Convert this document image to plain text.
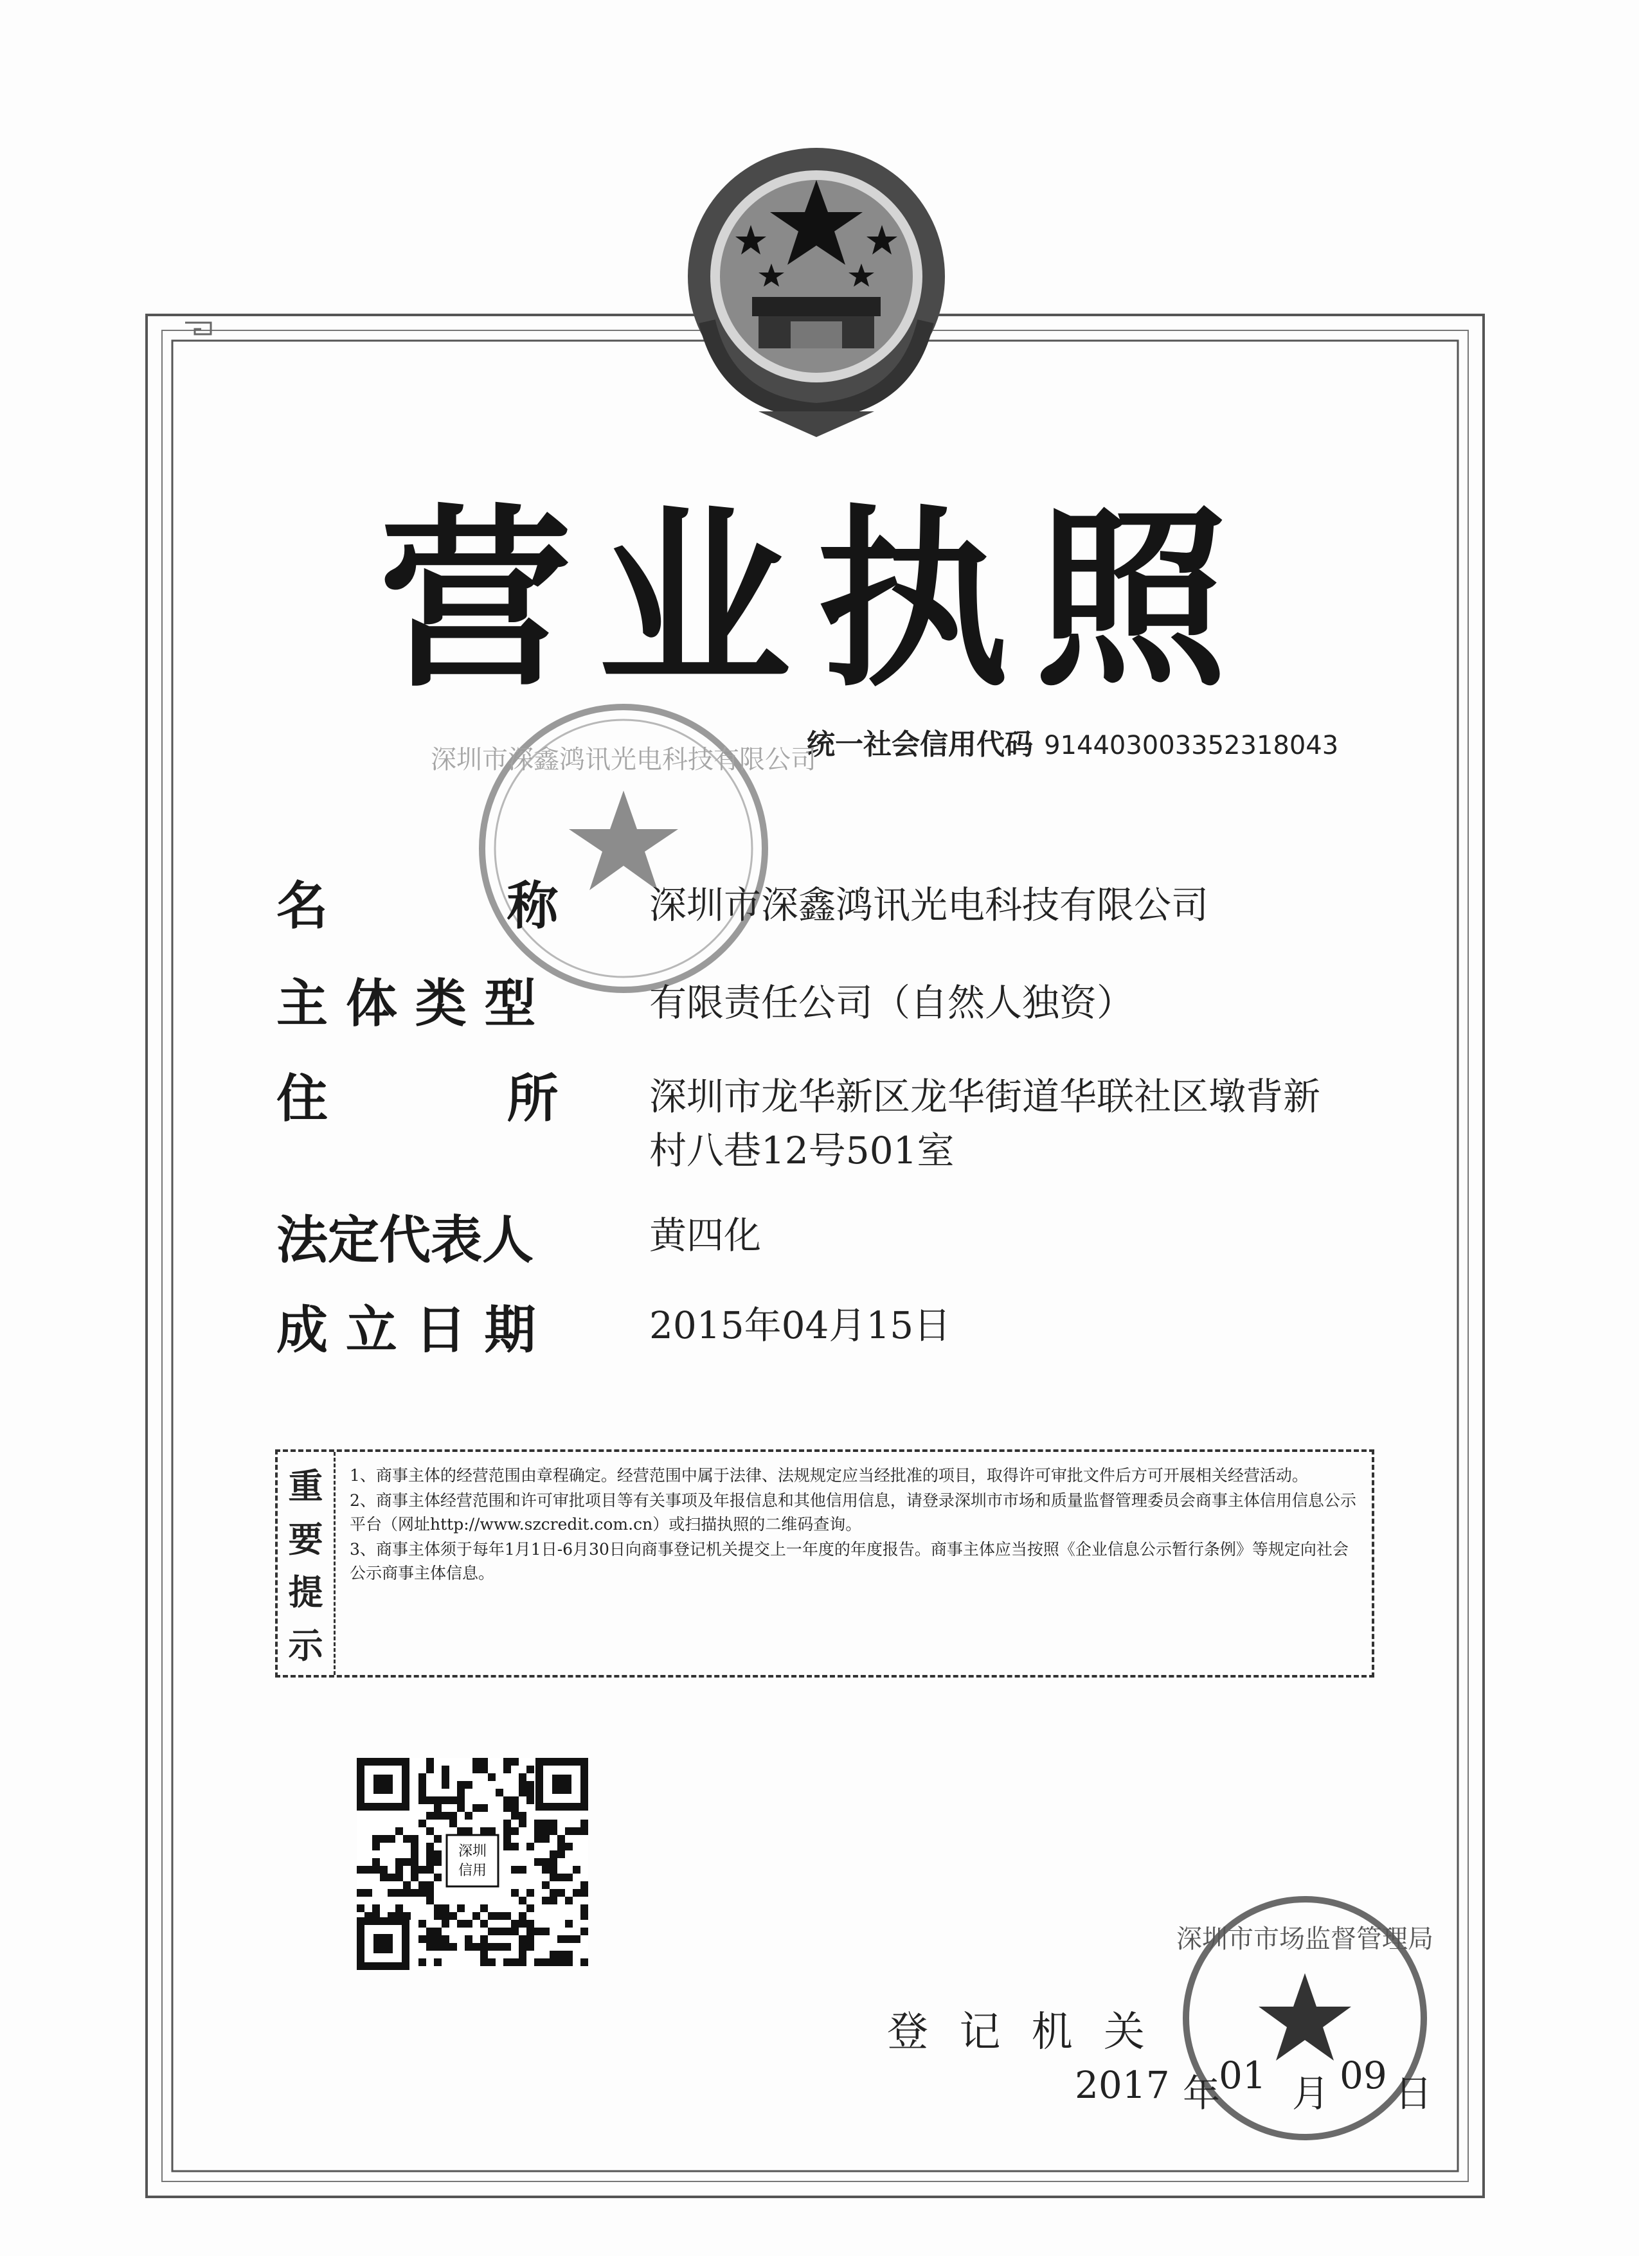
营业执照
统一社会信用代码 914403003352318043
深圳市深鑫鸿讯光电科技有限公司
名          称	深圳市深鑫鸿讯光电科技有限公司
主 体 类 型	有限责任公司（自然人独资）
住          所	深圳市龙华新区龙华街道华联社区墩背新村八巷12号501室
法定代表人	黄四化
成 立 日 期	2015年04月15日
重
要
提
示

1、商事主体的经营范围由章程确定。经营范围中属于法律、法规规定应当经批准的项目，取得许可审批文件后方可开展相关经营活动。

2、商事主体经营范围和许可审批项目等有关事项及年报信息和其他信用信息，请登录深圳市市场和质量监督管理委员会商事主体信用信息公示平台（网址http://www.szcredit.com.cn）或扫描执照的二维码查询。

3、商事主体须于每年1月1日-6月30日向商事登记机关提交上一年度的年度报告。商事主体应当按照《企业信息公示暂行条例》等规定向社会公示商事主体信息。

深圳
信用
登 记 机 关
深圳市市场监督管理局
2017 年
01 月 09 日
